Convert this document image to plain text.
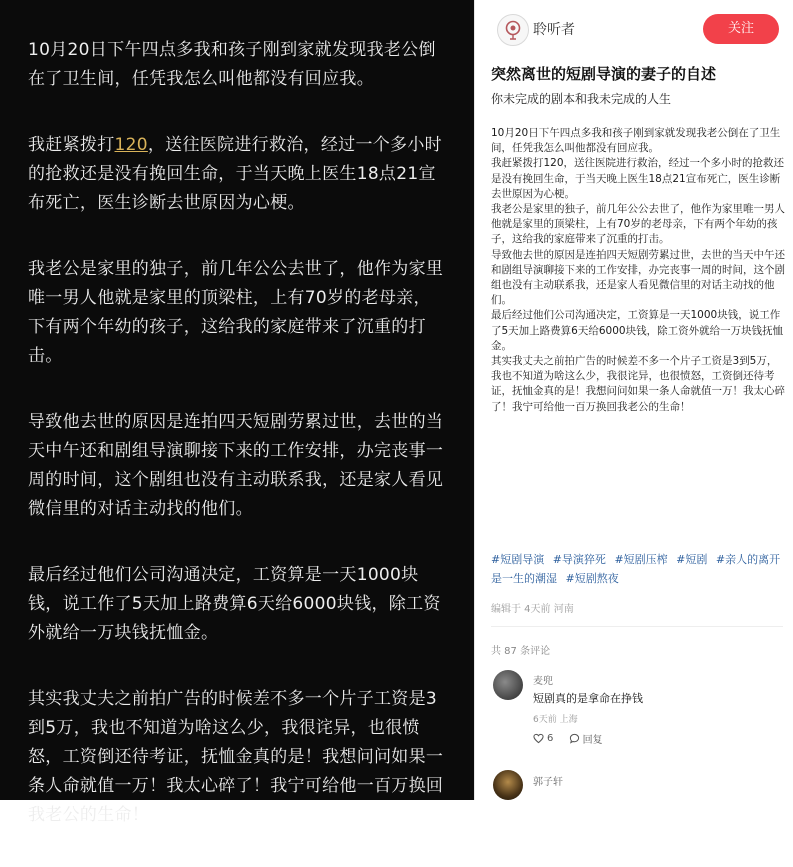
10月20日下午四点多我和孩子刚到家就发现我老公倒在了卫生间，任凭我怎么叫他都没有回应我。

我赶紧拨打120，送往医院进行救治，经过一个多小时的抢救还是没有挽回生命，于当天晚上医生18点21宣布死亡，医生诊断去世原因为心梗。

我老公是家里的独子，前几年公公去世了，他作为家里唯一男人他就是家里的顶梁柱，上有70岁的老母亲，下有两个年幼的孩子，这给我的家庭带来了沉重的打击。

导致他去世的原因是连拍四天短剧劳累过世，去世的当天中午还和剧组导演聊接下来的工作安排，办完丧事一周的时间，这个剧组也没有主动联系我，还是家人看见微信里的对话主动找的他们。

最后经过他们公司沟通决定，工资算是一天1000块钱，说工作了5天加上路费算6天给6000块钱，除工资外就给一万块钱抚恤金。

其实我丈夫之前拍广告的时候差不多一个片子工资是3到5万，我也不知道为啥这么少，我很诧异，也很愤怒，工资倒还待考证，抚恤金真的是！我想问问如果一条人命就值一万！我太心碎了！我宁可给他一百万换回我老公的生命！

聆听者	关注
突然离世的短剧导演的妻子的自述
你未完成的剧本和我未完成的人生

10月20日下午四点多我和孩子刚到家就发现我老公倒在了卫生间，任凭我怎么叫他都没有回应我。

我赶紧拨打120，送往医院进行救治，经过一个多小时的抢救还是没有挽回生命，于当天晚上医生18点21宣布死亡，医生诊断去世原因为心梗。

我老公是家里的独子，前几年公公去世了，他作为家里唯一男人他就是家里的顶梁柱，上有70岁的老母亲，下有两个年幼的孩子，这给我的家庭带来了沉重的打击。

导致他去世的原因是连拍四天短剧劳累过世，去世的当天中午还和剧组导演聊接下来的工作安排，办完丧事一周的时间，这个剧组也没有主动联系我，还是家人看见微信里的对话主动找的他们。

最后经过他们公司沟通决定，工资算是一天1000块钱，说工作了5天加上路费算6天给6000块钱，除工资外就给一万块钱抚恤金。

其实我丈夫之前拍广告的时候差不多一个片子工资是3到5万，我也不知道为啥这么少，我很诧异，也很愤怒，工资倒还待考证，抚恤金真的是！我想问问如果一条人命就值一万！我太心碎了！我宁可给他一百万换回我老公的生命！

#短剧导演 #导演猝死 #短剧压榨 #短剧 #亲人的离开是一生的潮湿 #短剧熬夜
编辑于 4天前 河南
共 87 条评论
麦兜
短剧真的是拿命在挣钱
6天前 上海
6
	回复
郭子轩
